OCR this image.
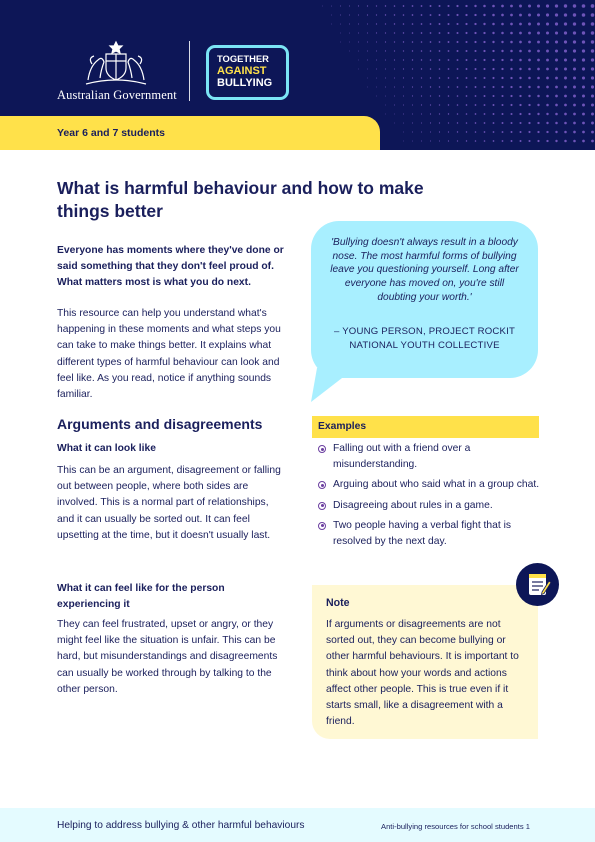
Australian Government
TOGETHER
AGAINST
BULLYING
Year 6 and 7 students
What is harmful behaviour and how to make things better

Everyone has moments where they've done or said something that they don't feel proud of. What matters most is what you do next.

This resource can help you understand what's happening in these moments and what steps you can take to make things better. It explains what different types of harmful behaviour can look and feel like. As you read, notice if anything sounds familiar.

Arguments and disagreements
What it can look like

This can be an argument, disagreement or falling out between people, where both sides are involved. This is a normal part of relationships, and it can usually be sorted out. It can feel upsetting at the time, but it doesn't usually last.

What it can feel like for the person experiencing it

They can feel frustrated, upset or angry, or they might feel like the situation is unfair. This can be hard, but misunderstandings and disagreements can usually be worked through by talking to the other person.

'Bullying doesn't always result in a bloody nose. The most harmful forms of bullying leave you questioning yourself. Long after everyone has moved on, you're still doubting your worth.'

– YOUNG PERSON, PROJECT ROCKIT NATIONAL YOUTH COLLECTIVE

Examples
Falling out with a friend over a misunderstanding.
Arguing about who said what in a group chat.
Disagreeing about rules in a game.
Two people having a verbal fight that is resolved by the next day.
Note

If arguments or disagreements are not sorted out, they can become bullying or other harmful behaviours. It is important to think about how your words and actions affect other people. This is true even if it starts small, like a disagreement with a friend.

Helping to address bullying & other harmful behaviours	Anti-bullying resources for school students 1
